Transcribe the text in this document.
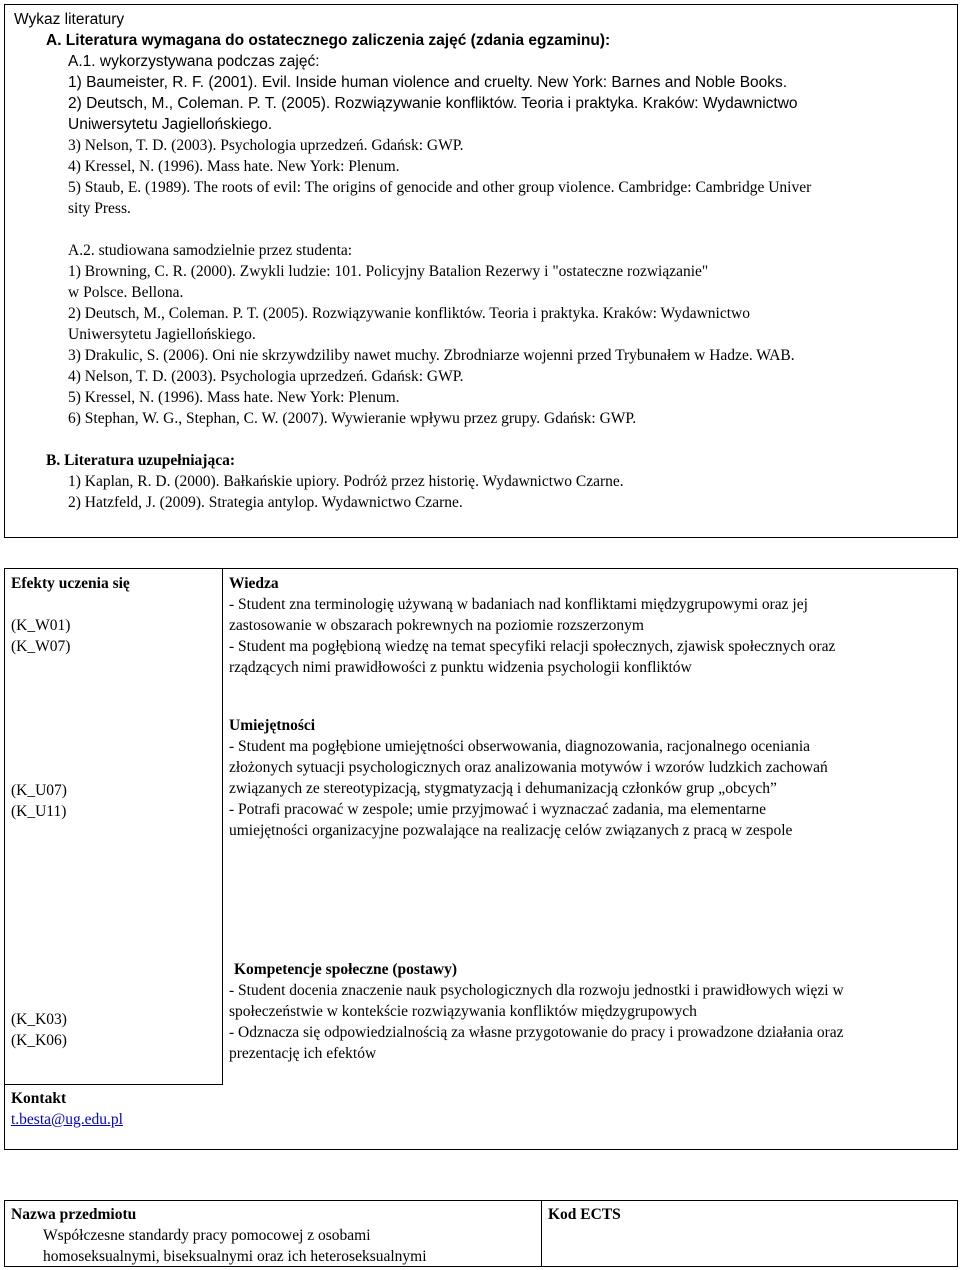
Wykaz literatury
A. Literatura wymagana do ostatecznego zaliczenia zajęć (zdania egzaminu):
A.1. wykorzystywana podczas zajęć:
1) Baumeister, R. F. (2001). Evil. Inside human violence and cruelty. New York: Barnes and Noble Books.
2) Deutsch, M., Coleman. P. T. (2005). Rozwiązywanie konfliktów. Teoria i praktyka. Kraków: Wydawnictwo
Uniwersytetu Jagiellońskiego.
3) Nelson, T. D. (2003). Psychologia uprzedzeń. Gdańsk: GWP.
4) Kressel, N. (1996). Mass hate. New York: Plenum.
5) Staub, E. (1989). The roots of evil: The origins of genocide and other group violence. Cambridge: Cambridge Univer
sity Press.
A.2. studiowana samodzielnie przez studenta:
1) Browning, C. R. (2000). Zwykli ludzie: 101. Policyjny Batalion Rezerwy i "ostateczne rozwiązanie"
w Polsce. Bellona.
2) Deutsch, M., Coleman. P. T. (2005). Rozwiązywanie konfliktów. Teoria i praktyka. Kraków: Wydawnictwo
Uniwersytetu Jagiellońskiego.
3) Drakulic, S. (2006). Oni nie skrzywdziliby nawet muchy. Zbrodniarze wojenni przed Trybunałem w Hadze. WAB.
4) Nelson, T. D. (2003). Psychologia uprzedzeń. Gdańsk: GWP.
5) Kressel, N. (1996). Mass hate. New York: Plenum.
6) Stephan, W. G., Stephan, C. W. (2007). Wywieranie wpływu przez grupy. Gdańsk: GWP.
B. Literatura uzupełniająca:
1) Kaplan, R. D. (2000). Bałkańskie upiory. Podróż przez historię. Wydawnictwo Czarne.
2) Hatzfeld, J. (2009). Strategia antylop. Wydawnictwo Czarne.
Efekty uczenia się
(K_W01)
(K_W07)
(K_U07)
(K_U11)
(K_K03)
(K_K06)
Kontakt
t.besta@ug.edu.pl
Wiedza
- Student zna terminologię używaną w badaniach nad konfliktami międzygrupowymi oraz jej
zastosowanie w obszarach pokrewnych na poziomie rozszerzonym
- Student ma pogłębioną wiedzę na temat specyfiki relacji społecznych, zjawisk społecznych oraz
rządzących nimi prawidłowości z punktu widzenia psychologii konfliktów
Umiejętności
- Student ma pogłębione umiejętności obserwowania, diagnozowania, racjonalnego oceniania
złożonych sytuacji psychologicznych oraz analizowania motywów i wzorów ludzkich zachowań
związanych ze stereotypizacją, stygmatyzacją i dehumanizacją członków grup „obcych”
- Potrafi pracować w zespole; umie przyjmować i wyznaczać zadania, ma elementarne
umiejętności organizacyjne pozwalające na realizację celów związanych z pracą w zespole
Kompetencje społeczne (postawy)
- Student docenia znaczenie nauk psychologicznych dla rozwoju jednostki i prawidłowych więzi w
społeczeństwie w kontekście rozwiązywania konfliktów międzygrupowych
- Odznacza się odpowiedzialnością za własne przygotowanie do pracy i prowadzone działania oraz
prezentację ich efektów
Nazwa przedmiotu
Współczesne standardy pracy pomocowej z osobami
homoseksualnymi, biseksualnymi oraz ich heteroseksualnymi
Kod ECTS
